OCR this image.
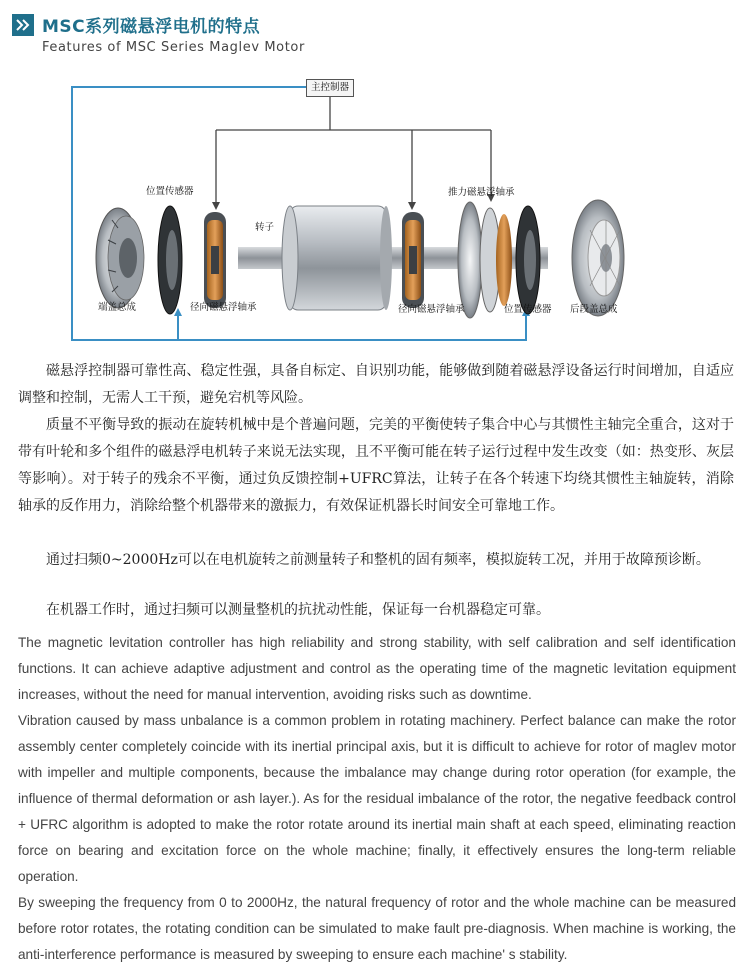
MSC系列磁悬浮电机的特点
Features of MSC Series Maglev Motor
主控制器
位置传感器	推力磁悬浮轴承
转子
端盖总成	径向磁悬浮轴承	径向磁悬浮轴承	位置传感器 后段盖总成
磁悬浮控制器可靠性高、稳定性强，具备自标定、自识别功能，能够做到随着磁悬浮设备运行时间增加，自适应调整和控制，无需人工干预，避免宕机等风险。
质量不平衡导致的振动在旋转机械中是个普遍问题，完美的平衡使转子集合中心与其惯性主轴完全重合，这对于带有叶轮和多个组件的磁悬浮电机转子来说无法实现，且不平衡可能在转子运行过程中发生改变（如：热变形、灰层等影响）。对于转子的残余不平衡，通过负反馈控制+UFRC算法，让转子在各个转速下均绕其惯性主轴旋转，消除轴承的反作用力，消除给整个机器带来的激振力，有效保证机器长时间安全可靠地工作。
通过扫频0~2000Hz可以在电机旋转之前测量转子和整机的固有频率，模拟旋转工况，并用于故障预诊断。
在机器工作时，通过扫频可以测量整机的抗扰动性能，保证每一台机器稳定可靠。
The magnetic levitation controller has high reliability and strong stability, with self calibration and self identification functions. It can achieve adaptive adjustment and control as the operating time of the magnetic levitation equipment increases, without the need for manual intervention, avoiding risks such as downtime.
Vibration caused by mass unbalance is a common problem in rotating machinery. Perfect balance can make the rotor assembly center completely coincide with its inertial principal axis, but it is difficult to achieve for rotor of maglev motor with impeller and multiple components, because the imbalance may change during rotor operation (for example, the influence of thermal deformation or ash layer.). As for the residual imbalance of the rotor, the negative feedback control + UFRC algorithm is adopted to make the rotor rotate around its inertial main shaft at each speed, eliminating reaction force on bearing and excitation force on the whole machine; finally, it effectively ensures the long-term reliable operation.
By sweeping the frequency from 0 to 2000Hz, the natural frequency of rotor and the whole machine can be measured before rotor rotates, the rotating condition can be simulated to make fault pre-diagnosis. When machine is working, the anti-interference performance is measured by sweeping to ensure each machine' s stability.
